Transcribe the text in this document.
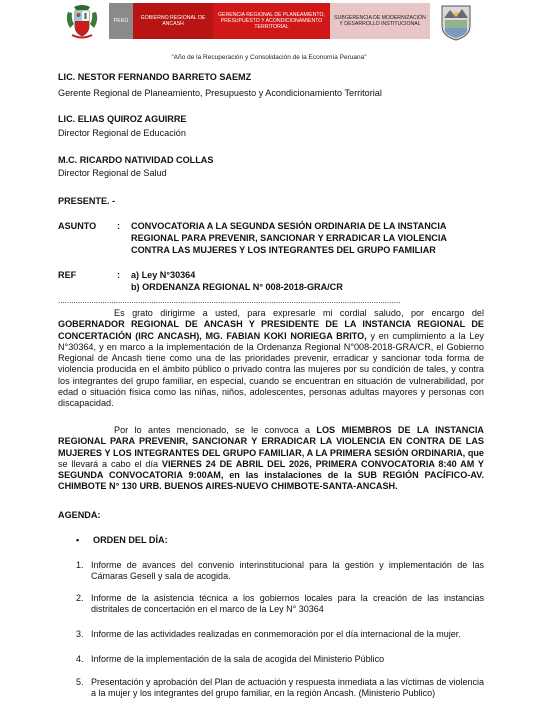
PERÚ	GOBIERNO REGIONAL DE ANCASH
GERENCIA REGIONAL DE PLANEAMIENTO, PRESUPUESTO Y ACONDICIONAMIENTO TERRITORIAL
SUBGERENCIA DE MODERNIZACIÓN Y DESARROLLO INSTITUCIONAL
"Año de la Recuperación y Consolidación de la Economía Peruana"
LIC. NESTOR FERNANDO BARRETO SAEMZ
Gerente Regional de Planeamiento, Presupuesto y Acondicionamiento Territorial
LIC. ELIAS QUIROZ AGUIRRE
Director Regional de Educación
M.C. RICARDO NATIVIDAD COLLAS
Director Regional de Salud
PRESENTE. -
ASUNTO : CONVOCATORIA A LA SEGUNDA SESIÓN ORDINARIA DE LA INSTANCIA
REGIONAL PARA PREVENIR, SANCIONAR Y ERRADICAR LA VIOLENCIA
CONTRA LAS MUJERES Y LOS INTEGRANTES DEL GRUPO FAMILIAR
REF	: a) Ley N°30364
b) ORDENANZA REGIONAL N° 008-2018-GRA/CR
..........................................................................................................................................................
Es grato dirigirme a usted, para expresarle mi cordial saludo, por encargo del GOBERNADOR REGIONAL DE ANCASH Y PRESIDENTE DE LA INSTANCIA REGIONAL DE CONCERTACIÓN (IRC ANCASH), MG. FABIAN KOKI NORIEGA BRITO, y en cumplimiento a la Ley N°30364, y en marco a la implementación de la Ordenanza Regional N°008-2018-GRA/CR, el Gobierno Regional de Ancash tiene como una de las prioridades prevenir, erradicar y sancionar toda forma de violencia producida en el ámbito público o privado contra las mujeres por su condición de tales, y contra los integrantes del grupo familiar, en especial, cuando se encuentran en situación de vulnerabilidad, por edad o situación física como las niñas, niños, adolescentes, personas adultas mayores y personas con discapacidad.
Por lo antes mencionado, se le convoca a LOS MIEMBROS DE LA INSTANCIA REGIONAL PARA PREVENIR, SANCIONAR Y ERRADICAR LA VIOLENCIA EN CONTRA DE LAS MUJERES Y LOS INTEGRANTES DEL GRUPO FAMILIAR, A LA PRIMERA SESIÓN ORDINARIA, que se llevará a cabo el día VIERNES 24 DE ABRIL DEL 2026, PRIMERA CONVOCATORIA 8:40 AM Y SEGUNDA CONVOCATORIA 9:00AM, en las instalaciones de la SUB REGIÓN PACÍFICO-AV. CHIMBOTE N° 130 URB. BUENOS AIRES-NUEVO CHIMBOTE-SANTA-ANCASH.
AGENDA:
• ORDEN DEL DÍA:
1. Informe de avances del convenio interinstitucional para la gestión y implementación de las Cámaras Gesell y sala de acogida.
2. Informe de la asistencia técnica a los gobiernos locales para la creación de las instancias distritales de concertación en el marco de la Ley N° 30364
3. Informe de las actividades realizadas en conmemoración por el día internacional de la mujer.
4. Informe de la implementación de la sala de acogida del Ministerio Público
5. Presentación y aprobación del Plan de actuación y respuesta inmediata a las víctimas de violencia a la mujer y los integrantes del grupo familiar, en la región Ancash. (Ministerio Publico)
